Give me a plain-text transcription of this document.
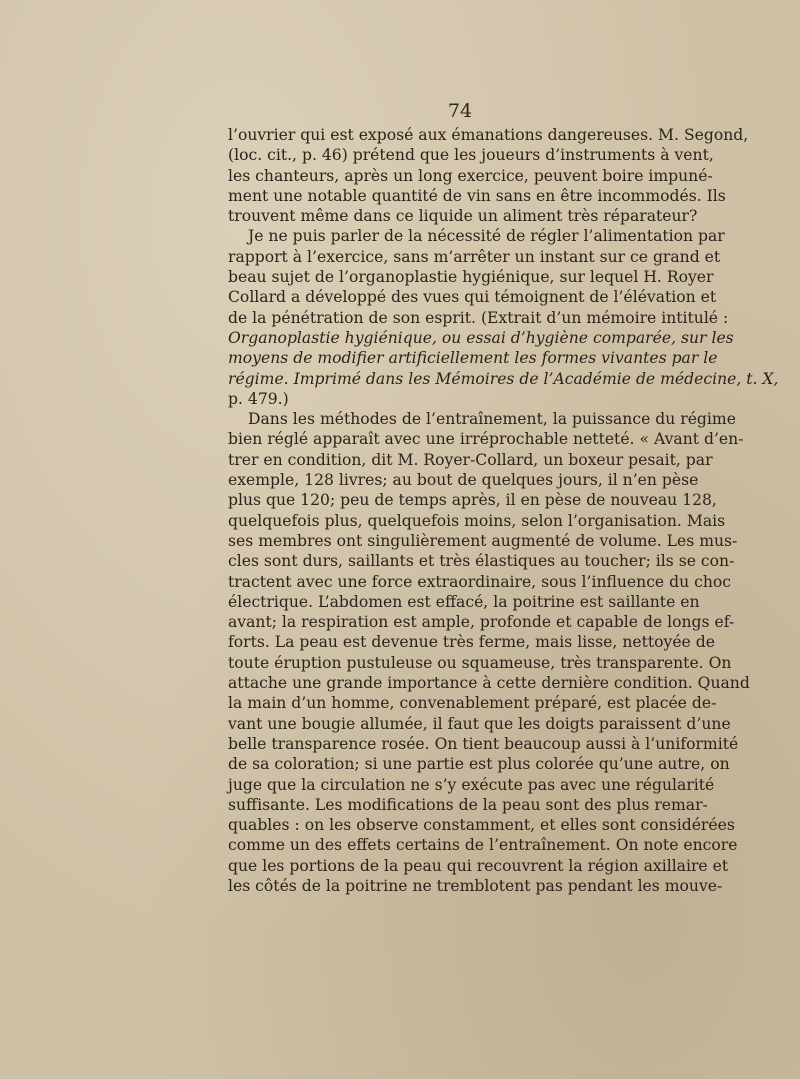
74
l’ouvrier qui est exposé aux émanations dangereuses. M. Segond,
(loc. cit., p. 46) prétend que les joueurs d’instruments à vent,
les chanteurs, après un long exercice, peuvent boire impuné-
ment une notable quantité de vin sans en être incommodés. Ils
trouvent même dans ce liquide un aliment très réparateur?
Je ne puis parler de la nécessité de régler l’alimentation par
rapport à l’exercice, sans m’arrêter un instant sur ce grand et
beau sujet de l’organoplastie hygiénique, sur lequel H. Royer
Collard a développé des vues qui témoignent de l’élévation et
de la pénétration de son esprit. (Extrait d’un mémoire intitulé :
Organoplastie hygiénique, ou essai d’hygiène comparée, sur les
moyens de modifier artificiellement les formes vivantes par le
régime. Imprimé dans les Mémoires de l’Académie de médecine, t. X,
p. 479.)
Dans les méthodes de l’entraînement, la puissance du régime
bien réglé apparaît avec une irréprochable netteté. « Avant d’en-
trer en condition, dit M. Royer-Collard, un boxeur pesait, par
exemple, 128 livres; au bout de quelques jours, il n’en pèse
plus que 120; peu de temps après, il en pèse de nouveau 128,
quelquefois plus, quelquefois moins, selon l’organisation. Mais
ses membres ont singulièrement augmenté de volume. Les mus-
cles sont durs, saillants et très élastiques au toucher; ils se con-
tractent avec une force extraordinaire, sous l’influence du choc
électrique. L’abdomen est effacé, la poitrine est saillante en
avant; la respiration est ample, profonde et capable de longs ef-
forts. La peau est devenue très ferme, mais lisse, nettoyée de
toute éruption pustuleuse ou squameuse, très transparente. On
attache une grande importance à cette dernière condition. Quand
la main d’un homme, convenablement préparé, est placée de-
vant une bougie allumée, il faut que les doigts paraissent d’une
belle transparence rosée. On tient beaucoup aussi à l’uniformité
de sa coloration; si une partie est plus colorée qu’une autre, on
juge que la circulation ne s’y exécute pas avec une régularité
suffisante. Les modifications de la peau sont des plus remar-
quables : on les observe constamment, et elles sont considérées
comme un des effets certains de l’entraînement. On note encore
que les portions de la peau qui recouvrent la région axillaire et
les côtés de la poitrine ne tremblotent pas pendant les mouve-
